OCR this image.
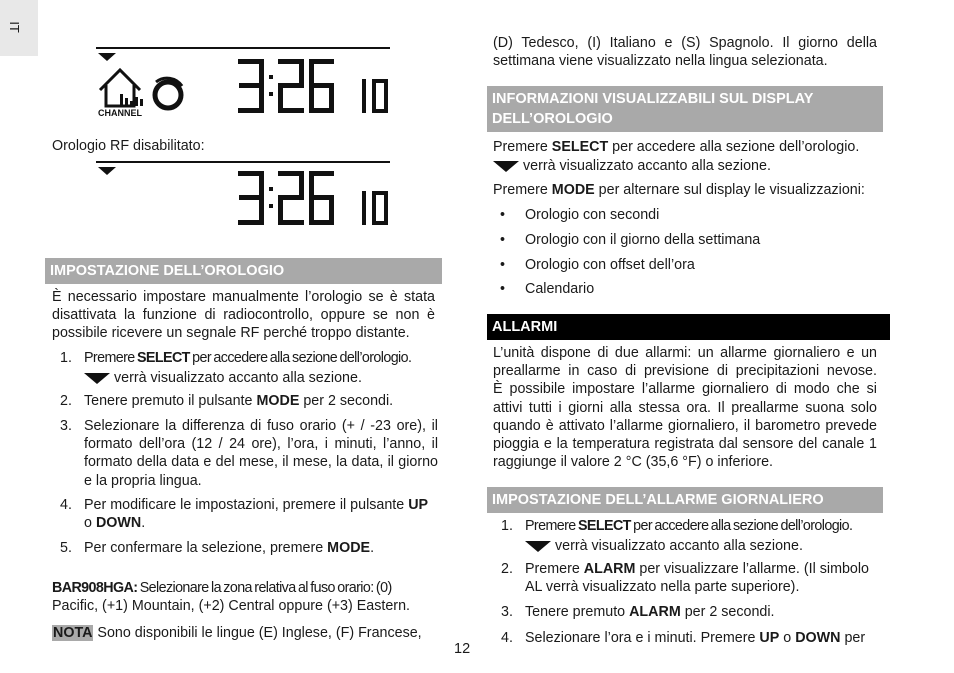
IT
CHANNEL
Orologio RF disabilitato:
IMPOSTAZIONE DELL’OROLOGIO
È necessario impostare manualmente l’orologio se è stata
disattivata la funzione di radiocontrollo, oppure se non è
possibile ricevere un segnale RF perché troppo distante.
1. Premere SELECT per accedere alla sezione dell’orologio.
verrà visualizzato accanto alla sezione.
2. Tenere premuto il pulsante MODE per 2 secondi.
3. Selezionare la differenza di fuso orario (+ / -23 ore), il
formato dell’ora (12 / 24 ore), l’ora, i minuti, l’anno, il
formato della data e del mese, il mese, la data, il giorno
e la propria lingua.
4. Per modificare le impostazioni, premere il pulsante UP
o DOWN.
5. Per confermare la selezione, premere MODE.
BAR908HGA: Selezionare la zona relativa al fuso orario: (0)
Pacific, (+1) Mountain, (+2) Central oppure (+3) Eastern.
NOTA Sono disponibili le lingue (E) Inglese, (F) Francese,
(D) Tedesco, (I) Italiano e (S) Spagnolo. Il giorno della
settimana viene visualizzato nella lingua selezionata.
INFORMAZIONI VISUALIZZABILI SUL DISPLAY
DELL’OROLOGIO
Premere SELECT per accedere alla sezione dell’orologio.
verrà visualizzato accanto alla sezione.
Premere MODE per alternare sul display le visualizzazioni:
• Orologio con secondi
• Orologio con il giorno della settimana
• Orologio con offset dell’ora
• Calendario
ALLARMI
L’unità dispone di due allarmi: un allarme giornaliero e un
preallarme in caso di previsione di precipitazioni nevose.
È possibile impostare l’allarme giornaliero di modo che si
attivi tutti i giorni alla stessa ora. Il preallarme suona solo
quando è attivato l’allarme giornaliero, il barometro prevede
pioggia e la temperatura registrata dal sensore del canale 1
raggiunge il valore 2 °C (35,6 °F) o inferiore.
IMPOSTAZIONE DELL’ALLARME GIORNALIERO
1. Premere SELECT per accedere alla sezione dell’orologio.
verrà visualizzato accanto alla sezione.
2. Premere ALARM per visualizzare l’allarme. (Il simbolo
AL verrà visualizzato nella parte superiore).
3. Tenere premuto ALARM per 2 secondi.
4. Selezionare l’ora e i minuti. Premere UP o DOWN per
12
